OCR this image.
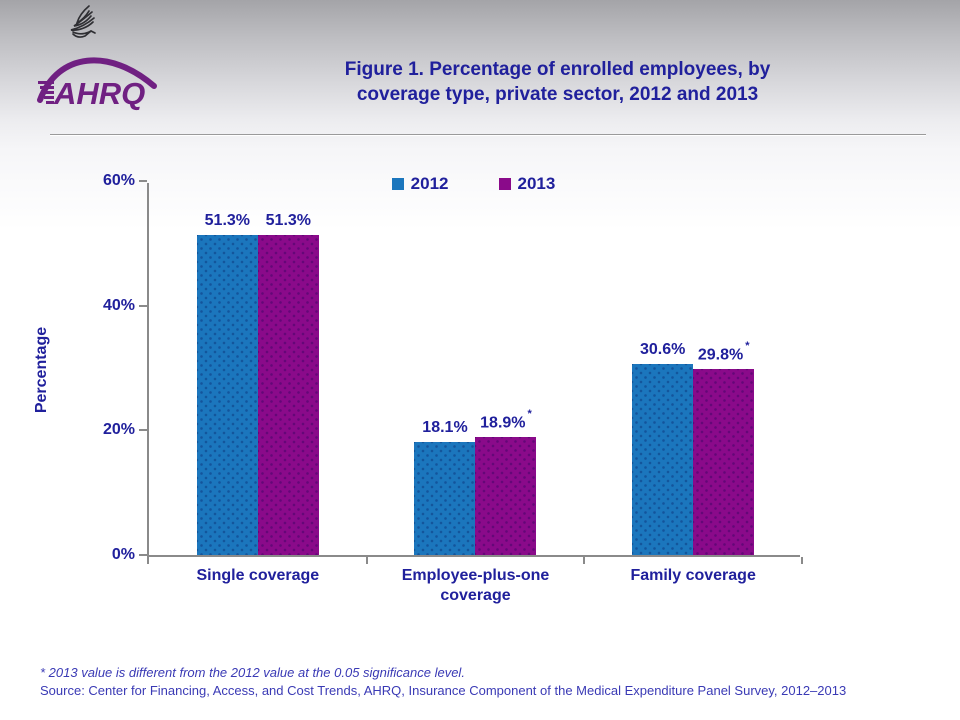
AHRQ
Figure 1. Percentage of enrolled employees, by
coverage type, private sector, 2012 and 2013
Percentage
2012	2013
0%
20%
40%
60%
51.3% 51.3%
Single coverage
18.1% 18.9%*
Employee-plus-one coverage
30.6% 29.8%*
Family coverage
* 2013 value is different from the 2012 value at the 0.05 significance level.
Source: Center for Financing, Access, and Cost Trends, AHRQ, Insurance Component of the Medical Expenditure Panel Survey, 2012–2013
